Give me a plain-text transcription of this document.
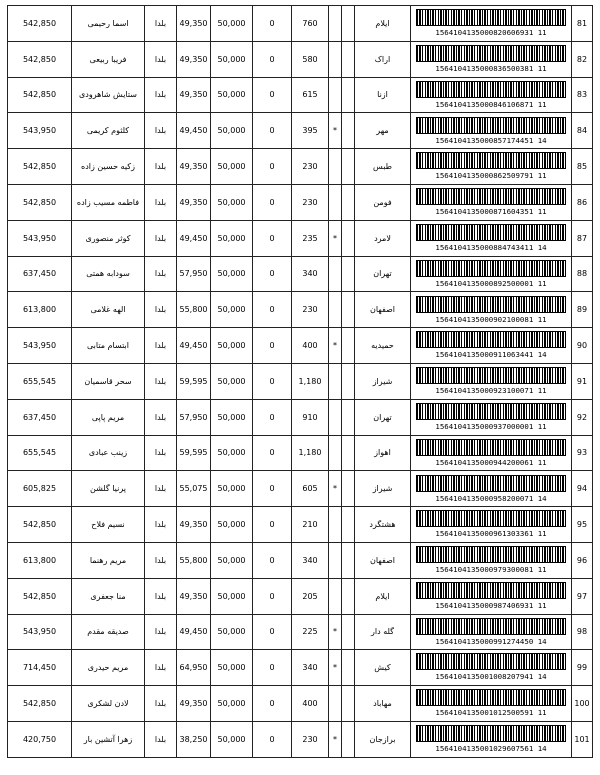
542,850	اسما رحیمی	بلدا	49,350	50,000	0	760			ایلام	1564104135000820606931 11	81
542,850	فریبا ربیعی	بلدا	49,350	50,000	0	580			اراک	1564104135000836500381 11	82
542,850	ستایش شاهرودی	بلدا	49,350	50,000	0	615			ازنا	1564104135000846106871 11	83
543,950	کلثوم کریمی	بلدا	49,450	50,000	0	395	*		مهر	1564104135000857174451 14	84
542,850	زکیه حسین زاده	بلدا	49,350	50,000	0	230			طبس	1564104135000862509791 11	85
542,850	فاطمه مسیب زاده	بلدا	49,350	50,000	0	230			فومن	1564104135000871604351 11	86
543,950	کوثر منصوری	بلدا	49,450	50,000	0	235	*		لامرد	1564104135000884743411 14	87
637,450	سودابه همتی	بلدا	57,950	50,000	0	340			تهران	1564104135000892500001 11	88
613,800	الهه غلامی	بلدا	55,800	50,000	0	230			اصفهان	1564104135000902100081 11	89
543,950	ابتسام متابی	بلدا	49,450	50,000	0	400	*		حمیدیه	1564104135000911063441 14	90
655,545	سحر قاسمیان	بلدا	59,595	50,000	0	1,180			شیراز	1564104135000923100071 11	91
637,450	مریم پاپی	بلدا	57,950	50,000	0	910			تهران	1564104135000937000001 11	92
655,545	زینب عبادی	بلدا	59,595	50,000	0	1,180			اهواز	1564104135000944200061 11	93
605,825	پرنیا گلشن	بلدا	55,075	50,000	0	605	*		شیراز	1564104135000958200071 14	94
542,850	نسیم فلاح	بلدا	49,350	50,000	0	210			هشتگرد	1564104135000961303361 11	95
613,800	مریم رهنما	بلدا	55,800	50,000	0	340			اصفهان	1564104135000979300081 11	96
542,850	منا جعفری	بلدا	49,350	50,000	0	205			ایلام	1564104135000987406931 11	97
543,950	صدیقه مقدم	بلدا	49,450	50,000	0	225	*		گله دار	1564104135000991274450 14	98
714,450	مریم حیدری	بلدا	64,950	50,000	0	340	*		کیش	1564104135001008207941 14	99
542,850	لادن لشکری	بلدا	49,350	50,000	0	400			مهاباد	1564104135001012500591 11	100
420,750	زهرا آتشین بار	بلدا	38,250	50,000	0	230	*		برازجان	1564104135001029607561 14	101
